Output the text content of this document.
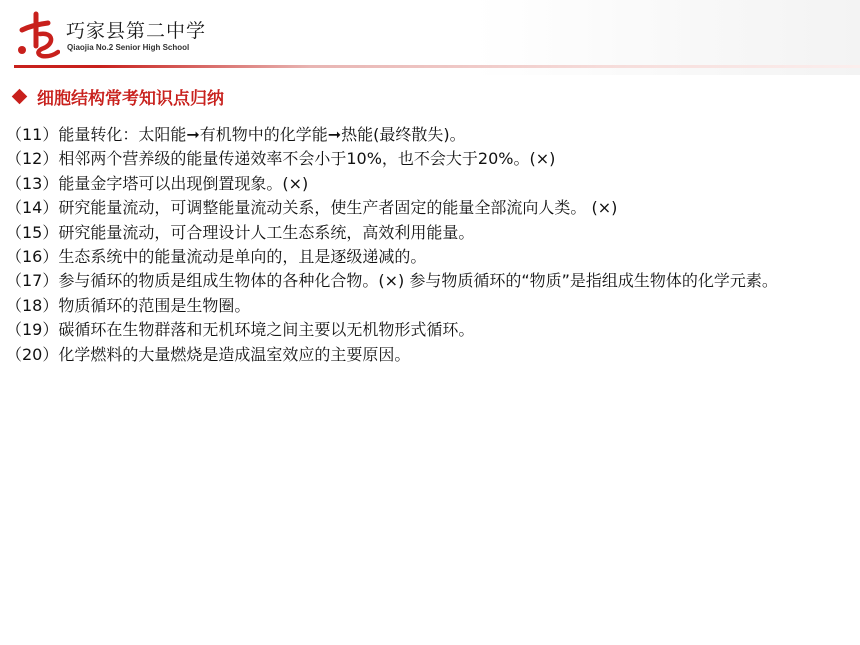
巧家县第二中学
Qiaojia No.2 Senior High School
细胞结构常考知识点归纳
（11）能量转化：太阳能➞有机物中的化学能➞热能(最终散失)。
（12）相邻两个营养级的能量传递效率不会小于10%，也不会大于20%。(×)
（13）能量金字塔可以出现倒置现象。(×)
（14）研究能量流动，可调整能量流动关系，使生产者固定的能量全部流向人类。 (×)
（15）研究能量流动，可合理设计人工生态系统，高效利用能量。
（16）生态系统中的能量流动是单向的，且是逐级递减的。
（17）参与循环的物质是组成生物体的各种化合物。(×) 参与物质循环的“物质”是指组成生物体的化学元素。
（18）物质循环的范围是生物圈。
（19）碳循环在生物群落和无机环境之间主要以无机物形式循环。
（20）化学燃料的大量燃烧是造成温室效应的主要原因。
